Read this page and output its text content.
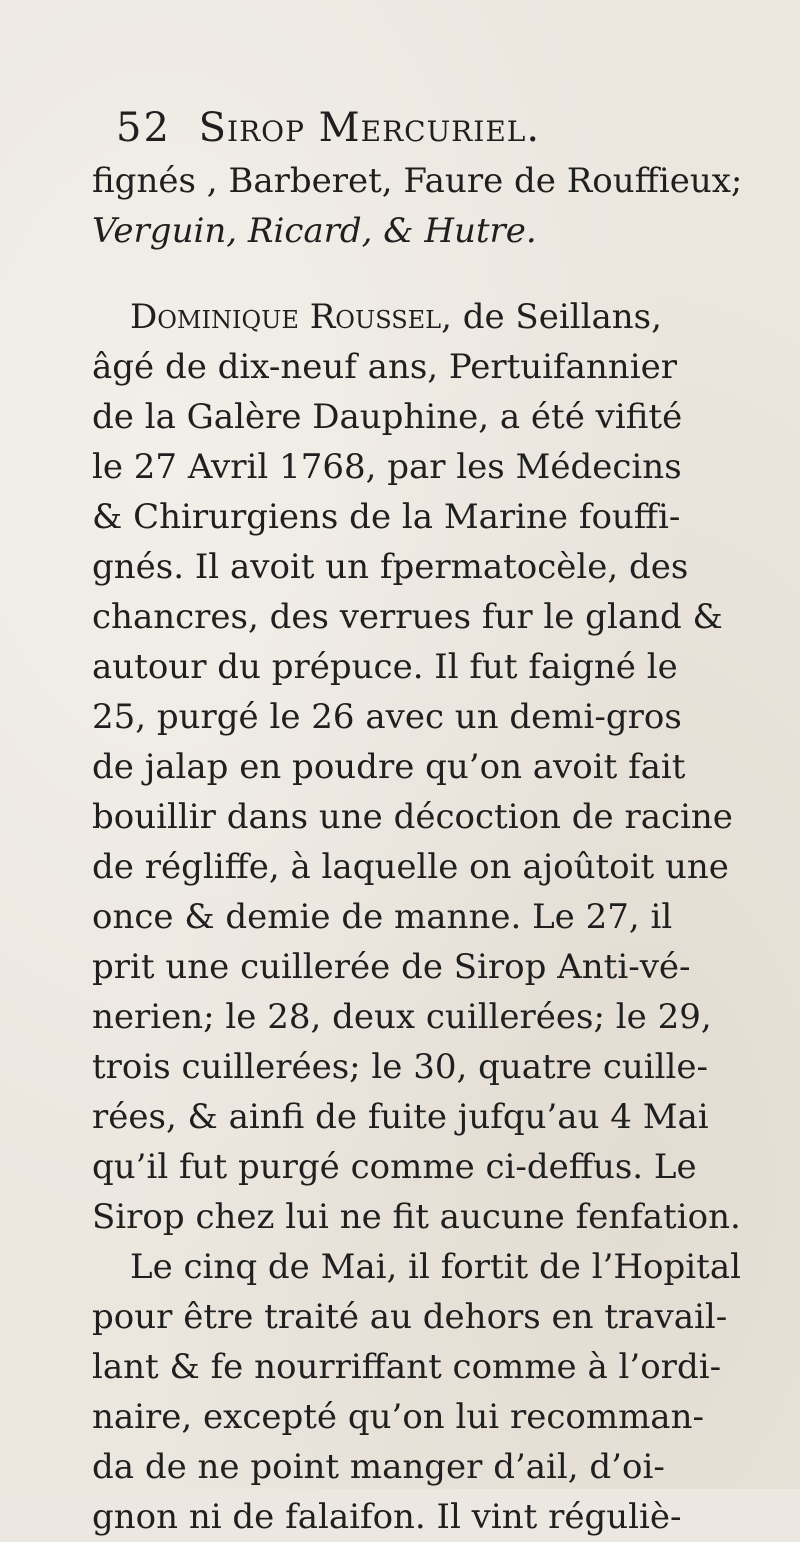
52 Sirop Mercuriel.
fignés , Barberet, Faure de Rouffieux;
Verguin, Ricard, & Hutre.
Dominique Roussel, de Seillans,
âgé de dix-neuf ans, Pertuifannier
de la Galère Dauphine, a été vifité
le 27 Avril 1768, par les Médecins
& Chirurgiens de la Marine fouffi-
gnés. Il avoit un fpermatocèle, des
chancres, des verrues fur le gland &
autour du prépuce. Il fut faigné le
25, purgé le 26 avec un demi-gros
de jalap en poudre qu’on avoit fait
bouillir dans une décoction de racine
de régliffe, à laquelle on ajoûtoit une
once & demie de manne. Le 27, il
prit une cuillerée de Sirop Anti-vé-
nerien; le 28, deux cuillerées; le 29,
trois cuillerées; le 30, quatre cuille-
rées, & ainfi de fuite jufqu’au 4 Mai
qu’il fut purgé comme ci-deffus. Le
Sirop chez lui ne fit aucune fenfation.
Le cinq de Mai, il fortit de l’Hopital
pour être traité au dehors en travail-
lant & fe nourriffant comme à l’ordi-
naire, excepté qu’on lui recomman-
da de ne point manger d’ail, d’oi-
gnon ni de falaifon. Il vint réguliè-
